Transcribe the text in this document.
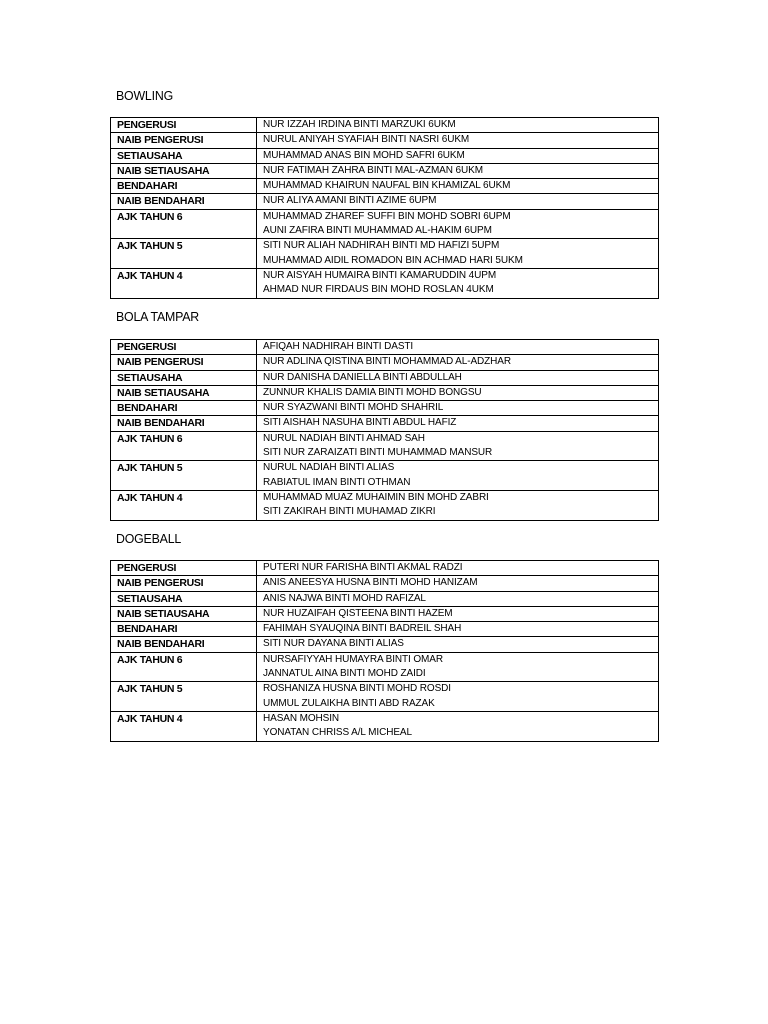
BOWLING
PENGERUSI	NUR IZZAH IRDINA BINTI MARZUKI 6UKM

NAIB PENGERUSI	NURUL ANIYAH SYAFIAH BINTI NASRI 6UKM

SETIAUSAHA	MUHAMMAD ANAS BIN MOHD SAFRI 6UKM

NAIB SETIAUSAHA	NUR FATIMAH ZAHRA BINTI MAL-AZMAN 6UKM

BENDAHARI	MUHAMMAD KHAIRUN NAUFAL BIN KHAMIZAL 6UKM

NAIB BENDAHARI	NUR ALIYA AMANI BINTI AZIME 6UPM

AJK TAHUN 6	MUHAMMAD ZHAREF SUFFI BIN MOHD SOBRI 6UPM
AUNI ZAFIRA BINTI MUHAMMAD AL-HAKIM 6UPM

AJK TAHUN 5	SITI NUR ALIAH NADHIRAH BINTI MD HAFIZI 5UPM
MUHAMMAD AIDIL ROMADON BIN ACHMAD HARI 5UKM

AJK TAHUN 4	NUR AISYAH HUMAIRA BINTI KAMARUDDIN 4UPM
AHMAD NUR FIRDAUS BIN MOHD ROSLAN 4UKM
BOLA TAMPAR
PENGERUSI	AFIQAH NADHIRAH BINTI DASTI

NAIB PENGERUSI	NUR ADLINA QISTINA BINTI MOHAMMAD AL-ADZHAR

SETIAUSAHA	NUR DANISHA DANIELLA BINTI ABDULLAH

NAIB SETIAUSAHA	ZUNNUR KHALIS DAMIA BINTI MOHD BONGSU

BENDAHARI	NUR SYAZWANI BINTI MOHD SHAHRIL

NAIB BENDAHARI	SITI AISHAH NASUHA BINTI ABDUL HAFIZ

AJK TAHUN 6	NURUL NADIAH BINTI AHMAD SAH
SITI NUR ZARAIZATI BINTI MUHAMMAD MANSUR

AJK TAHUN 5	NURUL NADIAH BINTI ALIAS
RABIATUL IMAN BINTI OTHMAN

AJK TAHUN 4	MUHAMMAD MUAZ MUHAIMIN BIN MOHD ZABRI
SITI ZAKIRAH BINTI MUHAMAD ZIKRI
DOGEBALL
PENGERUSI	PUTERI NUR FARISHA BINTI AKMAL RADZI

NAIB PENGERUSI	ANIS ANEESYA HUSNA BINTI MOHD HANIZAM

SETIAUSAHA	ANIS NAJWA BINTI MOHD RAFIZAL

NAIB SETIAUSAHA	NUR HUZAIFAH QISTEENA BINTI HAZEM

BENDAHARI	FAHIMAH SYAUQINA BINTI BADREIL SHAH

NAIB BENDAHARI	SITI NUR DAYANA BINTI ALIAS

AJK TAHUN 6	NURSAFIYYAH HUMAYRA BINTI OMAR
JANNATUL AINA BINTI MOHD ZAIDI

AJK TAHUN 5	ROSHANIZA HUSNA BINTI MOHD ROSDI
UMMUL ZULAIKHA BINTI ABD RAZAK

AJK TAHUN 4	HASAN MOHSIN
YONATAN CHRISS A/L MICHEAL
